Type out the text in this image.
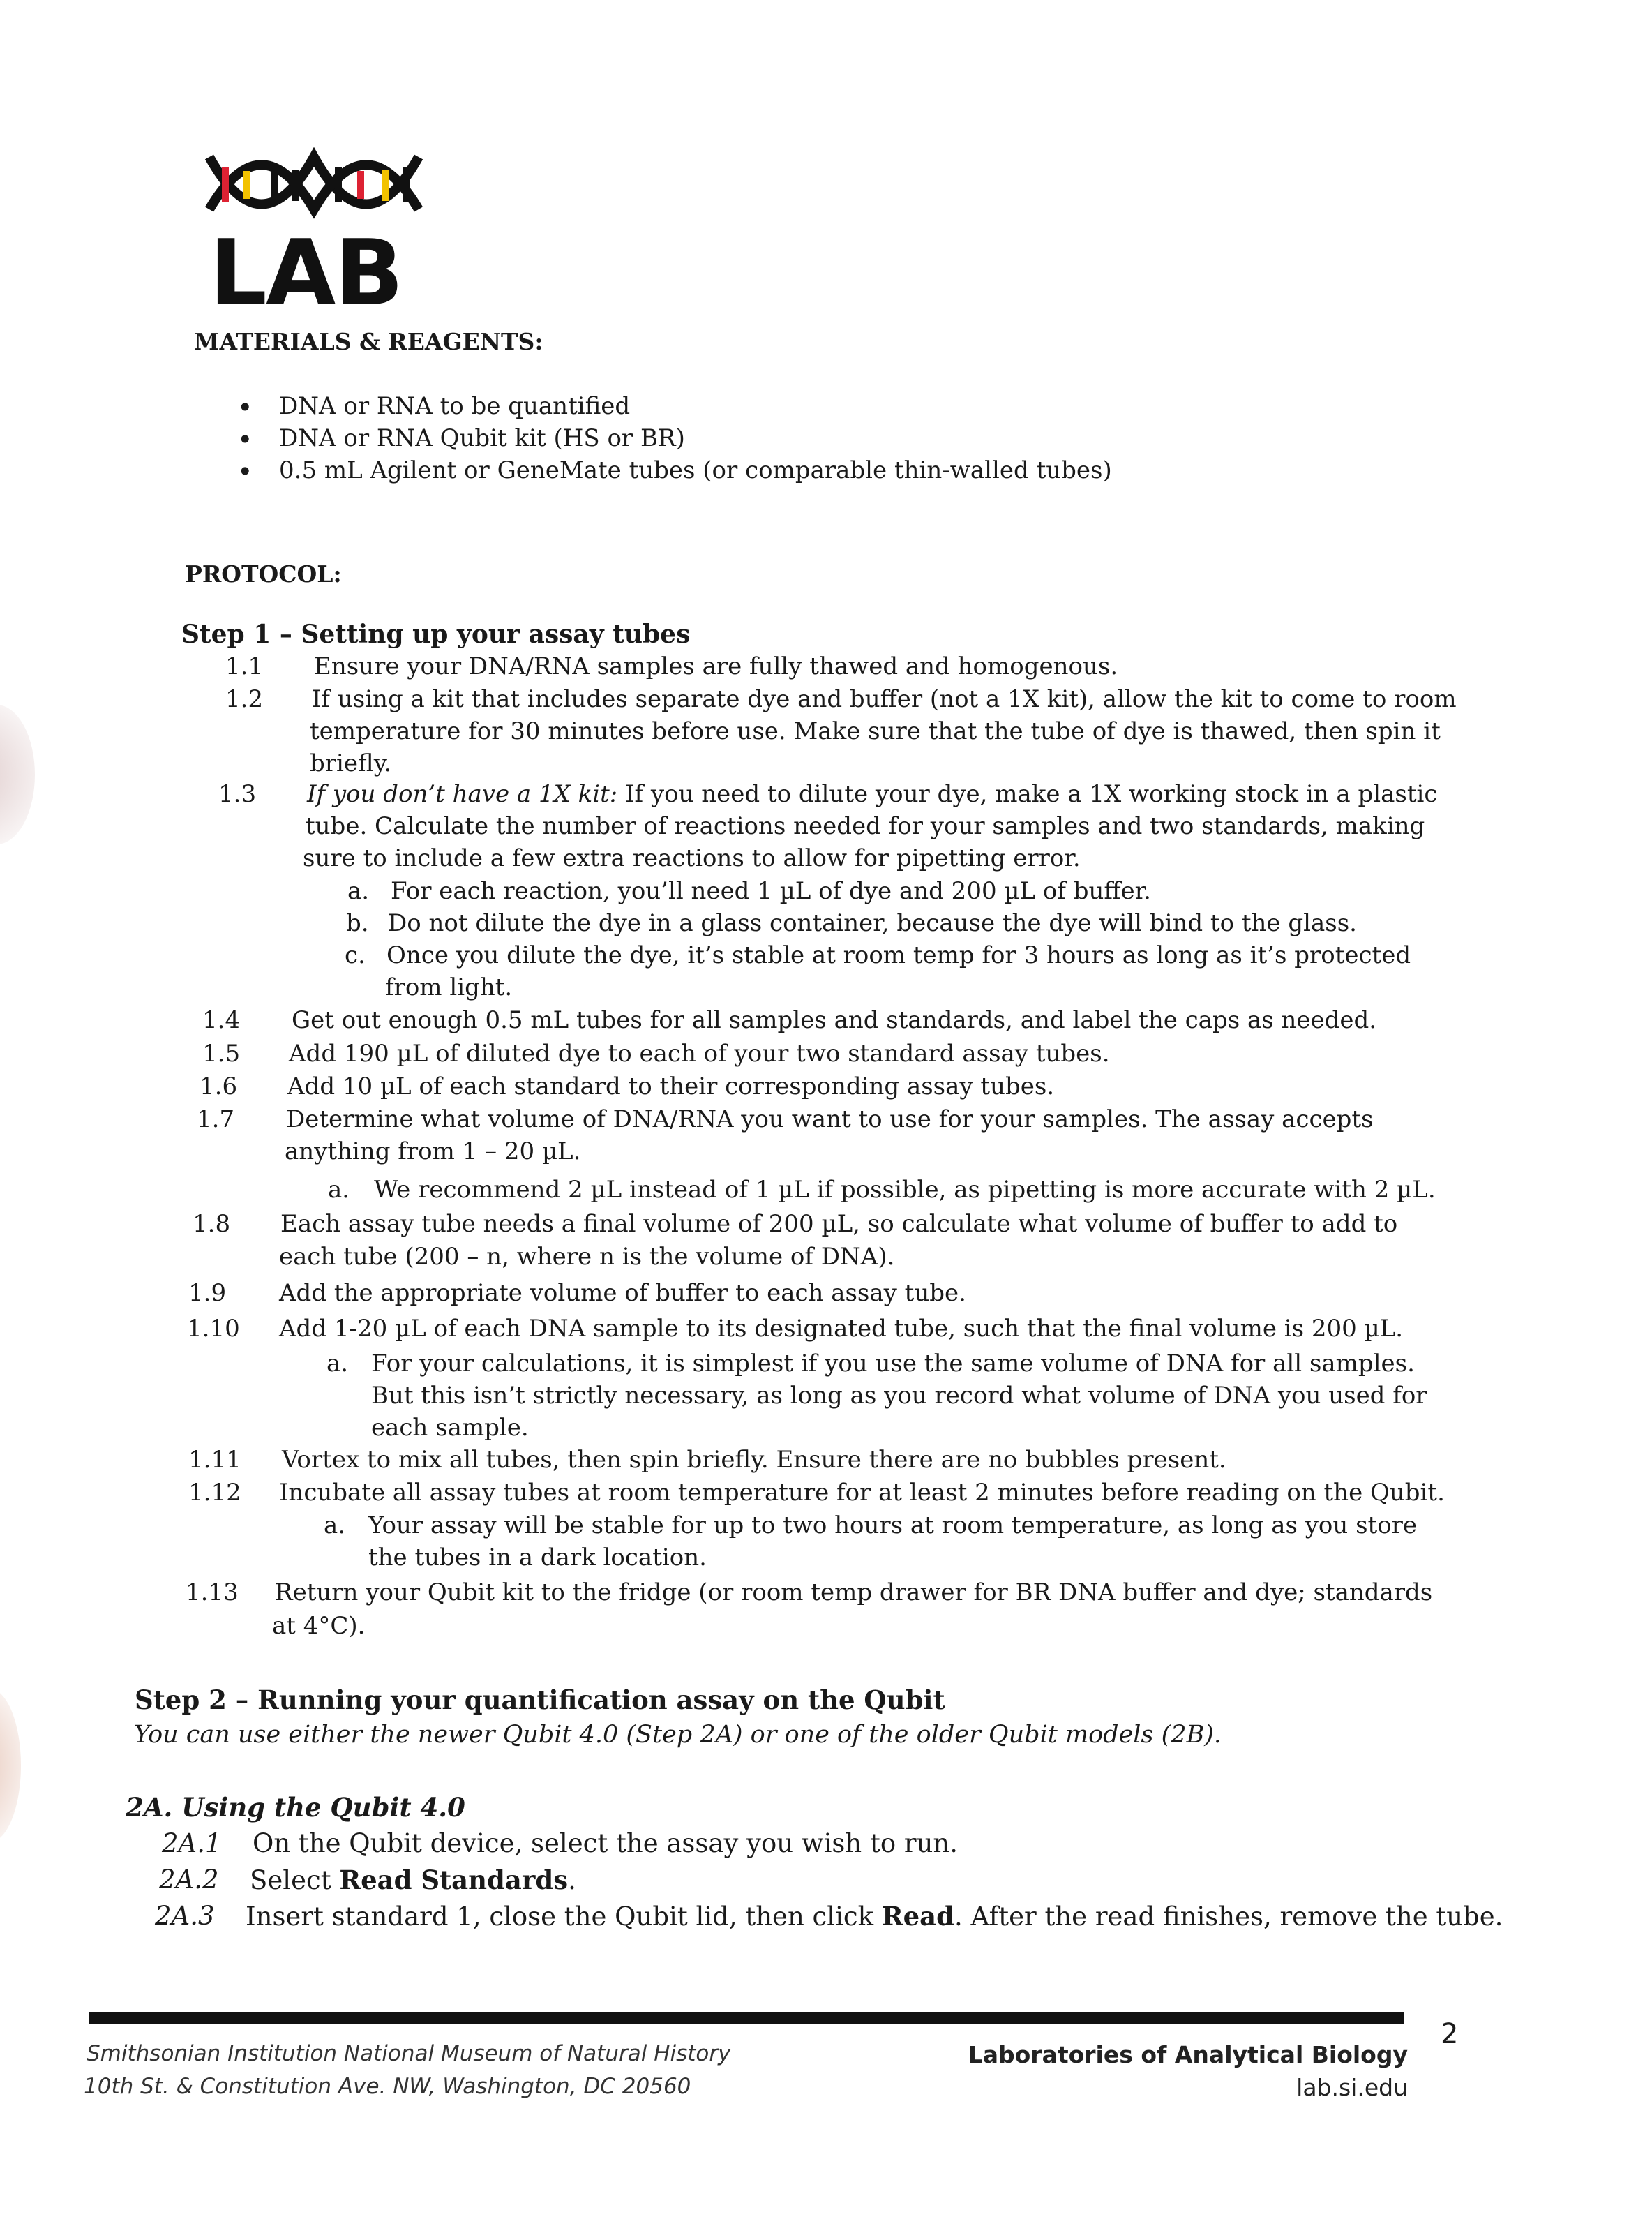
LAB
MATERIALS & REAGENTS:
• DNA or RNA to be quantified
• DNA or RNA Qubit kit (HS or BR)
• 0.5 mL Agilent or GeneMate tubes (or comparable thin-walled tubes)
PROTOCOL:
Step 1 – Setting up your assay tubes
1.1 Ensure your DNA/RNA samples are fully thawed and homogenous.
1.2 If using a kit that includes separate dye and buffer (not a 1X kit), allow the kit to come to room
temperature for 30 minutes before use. Make sure that the tube of dye is thawed, then spin it
briefly.
1.3 If you don’t have a 1X kit: If you need to dilute your dye, make a 1X working stock in a plastic
tube. Calculate the number of reactions needed for your samples and two standards, making
sure to include a few extra reactions to allow for pipetting error.
a. For each reaction, you’ll need 1 µL of dye and 200 µL of buffer.
b. Do not dilute the dye in a glass container, because the dye will bind to the glass.
c. Once you dilute the dye, it’s stable at room temp for 3 hours as long as it’s protected
from light.
1.4 Get out enough 0.5 mL tubes for all samples and standards, and label the caps as needed.
1.5 Add 190 µL of diluted dye to each of your two standard assay tubes.
1.6 Add 10 µL of each standard to their corresponding assay tubes.
1.7 Determine what volume of DNA/RNA you want to use for your samples. The assay accepts
anything from 1 – 20 µL.
a. We recommend 2 µL instead of 1 µL if possible, as pipetting is more accurate with 2 µL.
1.8 Each assay tube needs a final volume of 200 µL, so calculate what volume of buffer to add to
each tube (200 – n, where n is the volume of DNA).
1.9 Add the appropriate volume of buffer to each assay tube.
1.10 Add 1-20 µL of each DNA sample to its designated tube, such that the final volume is 200 µL.
a. For your calculations, it is simplest if you use the same volume of DNA for all samples.
But this isn’t strictly necessary, as long as you record what volume of DNA you used for
each sample.
1.11 Vortex to mix all tubes, then spin briefly. Ensure there are no bubbles present.
1.12 Incubate all assay tubes at room temperature for at least 2 minutes before reading on the Qubit.
a. Your assay will be stable for up to two hours at room temperature, as long as you store
the tubes in a dark location.
1.13 Return your Qubit kit to the fridge (or room temp drawer for BR DNA buffer and dye; standards
at 4°C).
Step 2 – Running your quantification assay on the Qubit
You can use either the newer Qubit 4.0 (Step 2A) or one of the older Qubit models (2B).
2A. Using the Qubit 4.0
2A.1 On the Qubit device, select the assay you wish to run.
2A.2 Select Read Standards.
2A.3 Insert standard 1, close the Qubit lid, then click Read. After the read finishes, remove the tube.
Smithsonian Institution National Museum of Natural History
10th St. & Constitution Ave. NW, Washington, DC 20560
Laboratories of Analytical Biology
lab.si.edu
2
